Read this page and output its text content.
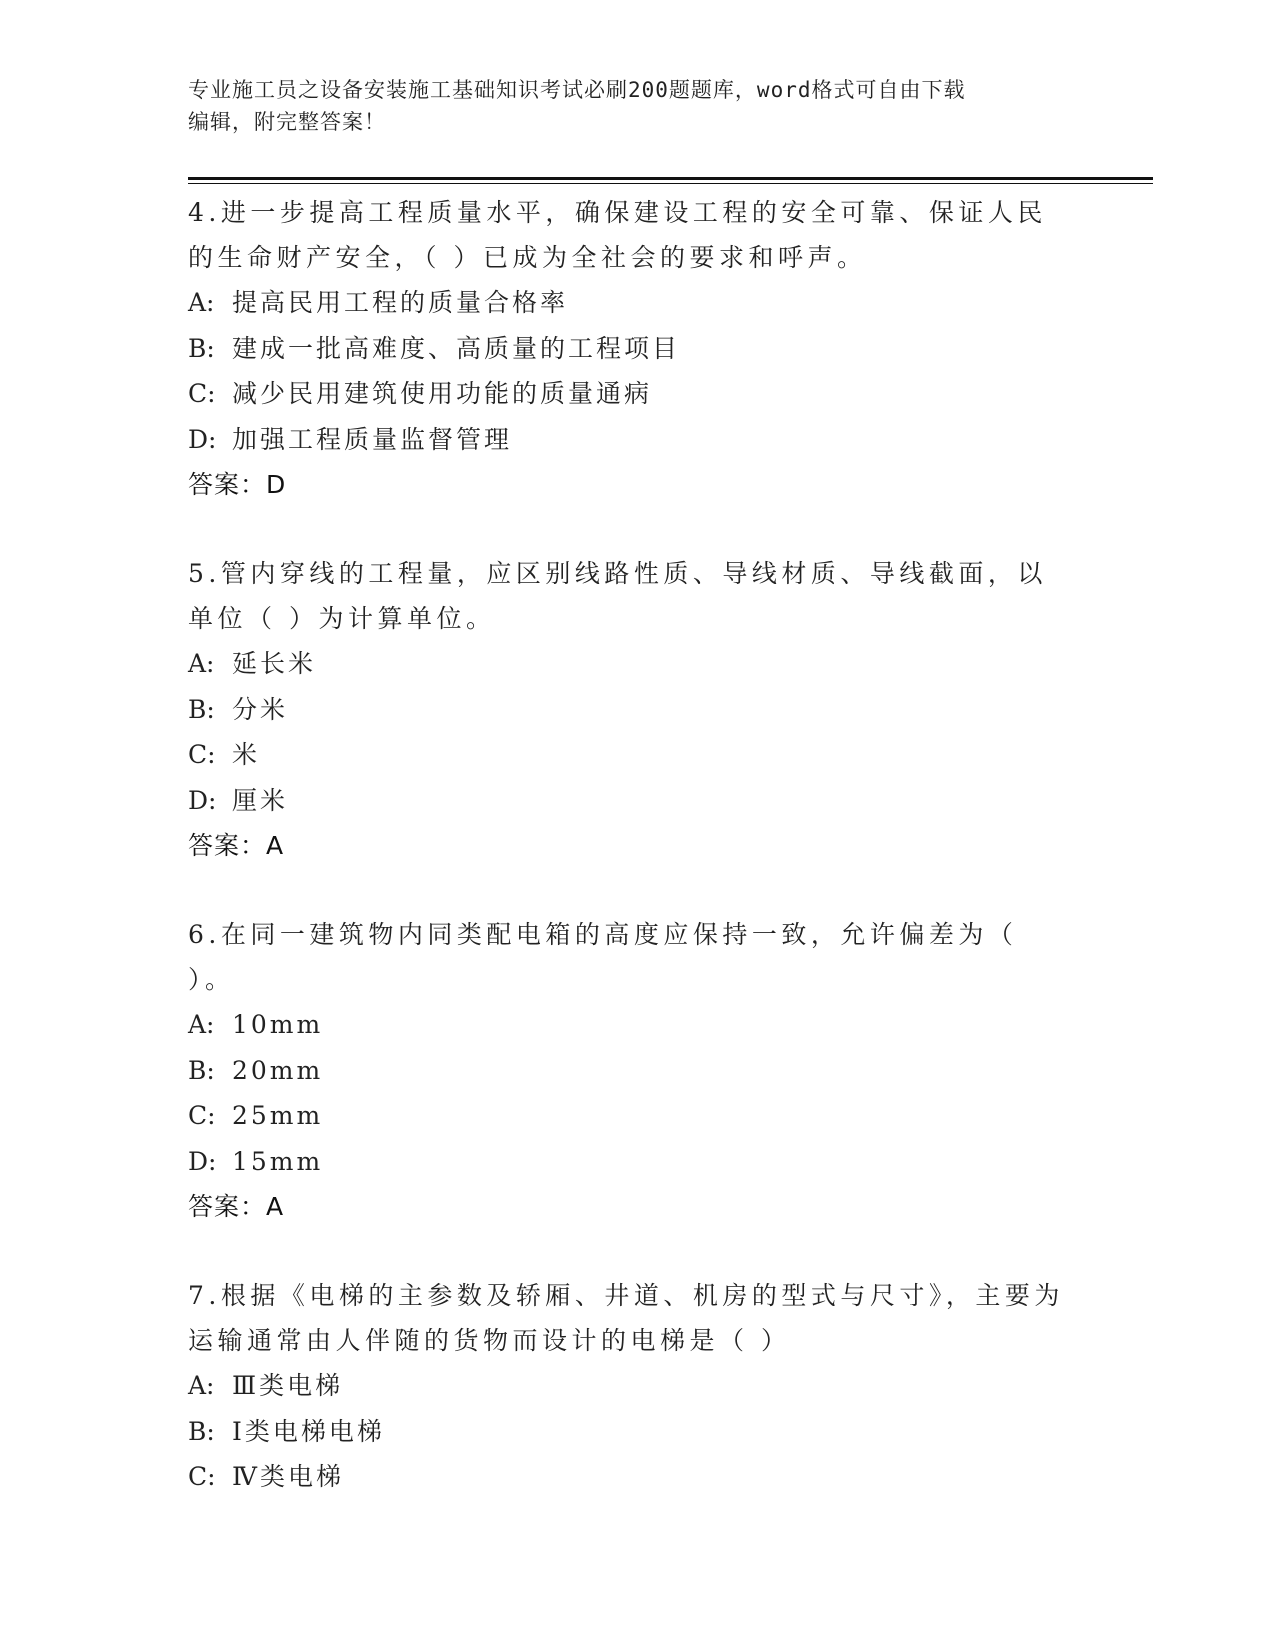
专业施工员之设备安装施工基础知识考试必刷200题题库，word格式可自由下载

编辑，附完整答案！

4.进一步提高工程质量水平，确保建设工程的安全可靠、保证人民的生命财产安全，（ ）已成为全社会的要求和呼声。

A: 提高民用工程的质量合格率

B: 建成一批高难度、高质量的工程项目

C: 减少民用建筑使用功能的质量通病

D: 加强工程质量监督管理

答案：D

5.管内穿线的工程量，应区别线路性质、导线材质、导线截面，以单位（ ）为计算单位。

A: 延长米

B: 分米

C: 米

D: 厘米

答案：A

6.在同一建筑物内同类配电箱的高度应保持一致，允许偏差为（ ）。

A: 10mm

B: 20mm

C: 25mm

D: 15mm

答案：A

7.根据《电梯的主参数及轿厢、井道、机房的型式与尺寸》，主要为运输通常由人伴随的货物而设计的电梯是（ ）

A: Ⅲ类电梯

B: Ⅰ类电梯电梯

C: Ⅳ类电梯
